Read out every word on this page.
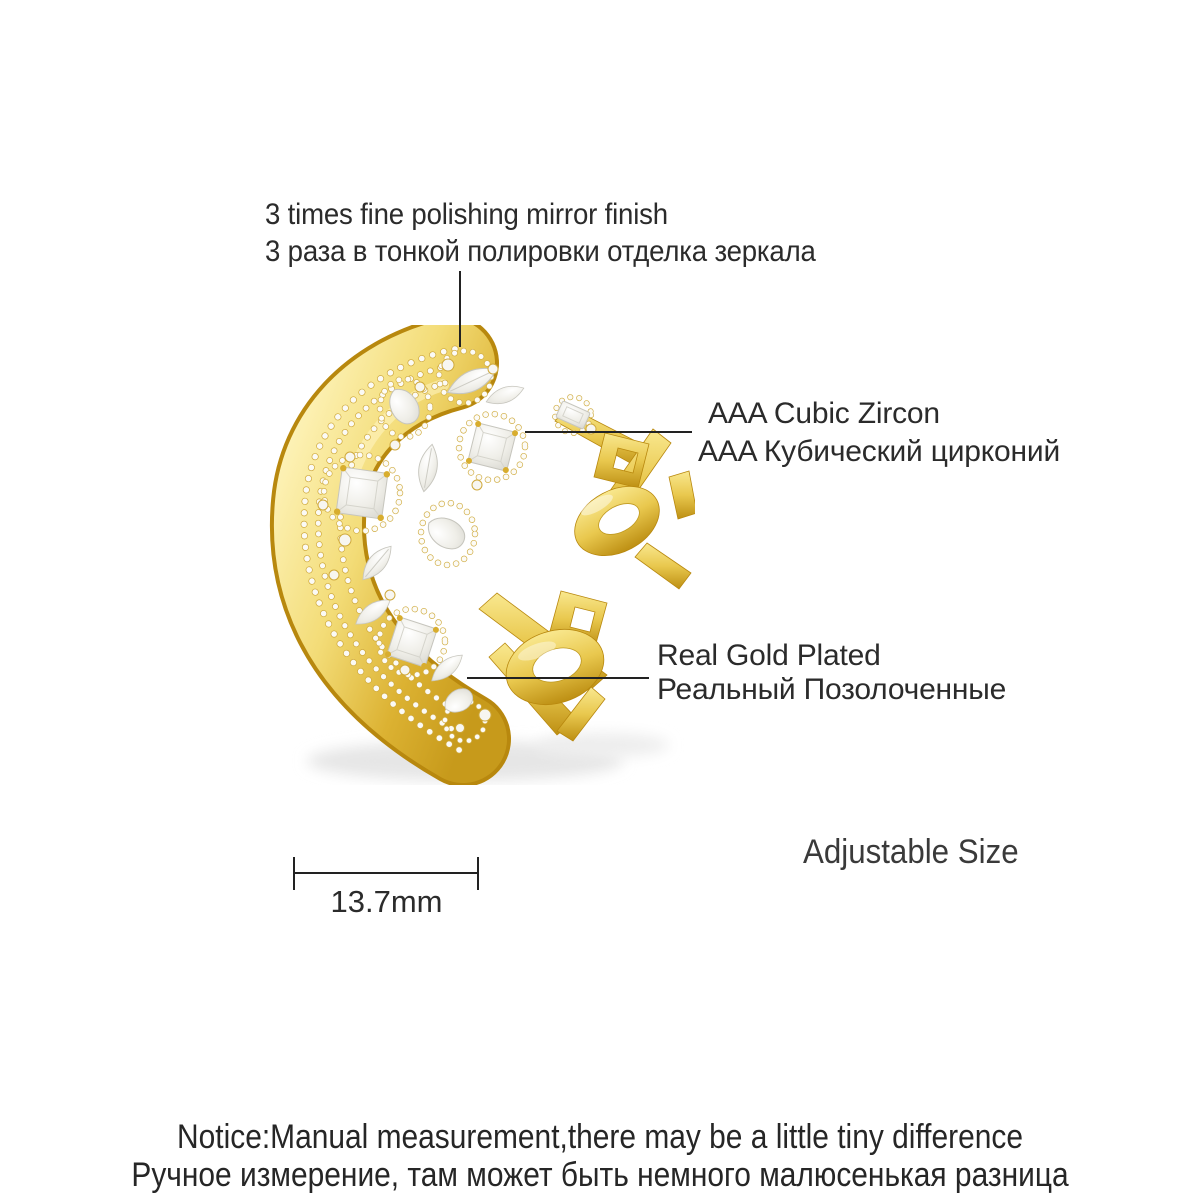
3 times fine polishing mirror finish
3 раза в тонкой полировки отделка зеркала
AAA Cubic Zircon
AAA Кубический цирконий
Real Gold Plated
Реальный Позолоченные
Adjustable Size
13.7mm
Notice:Manual measurement,there may be a little tiny difference
Ручное измерение, там может быть немного малюсенькая разница
